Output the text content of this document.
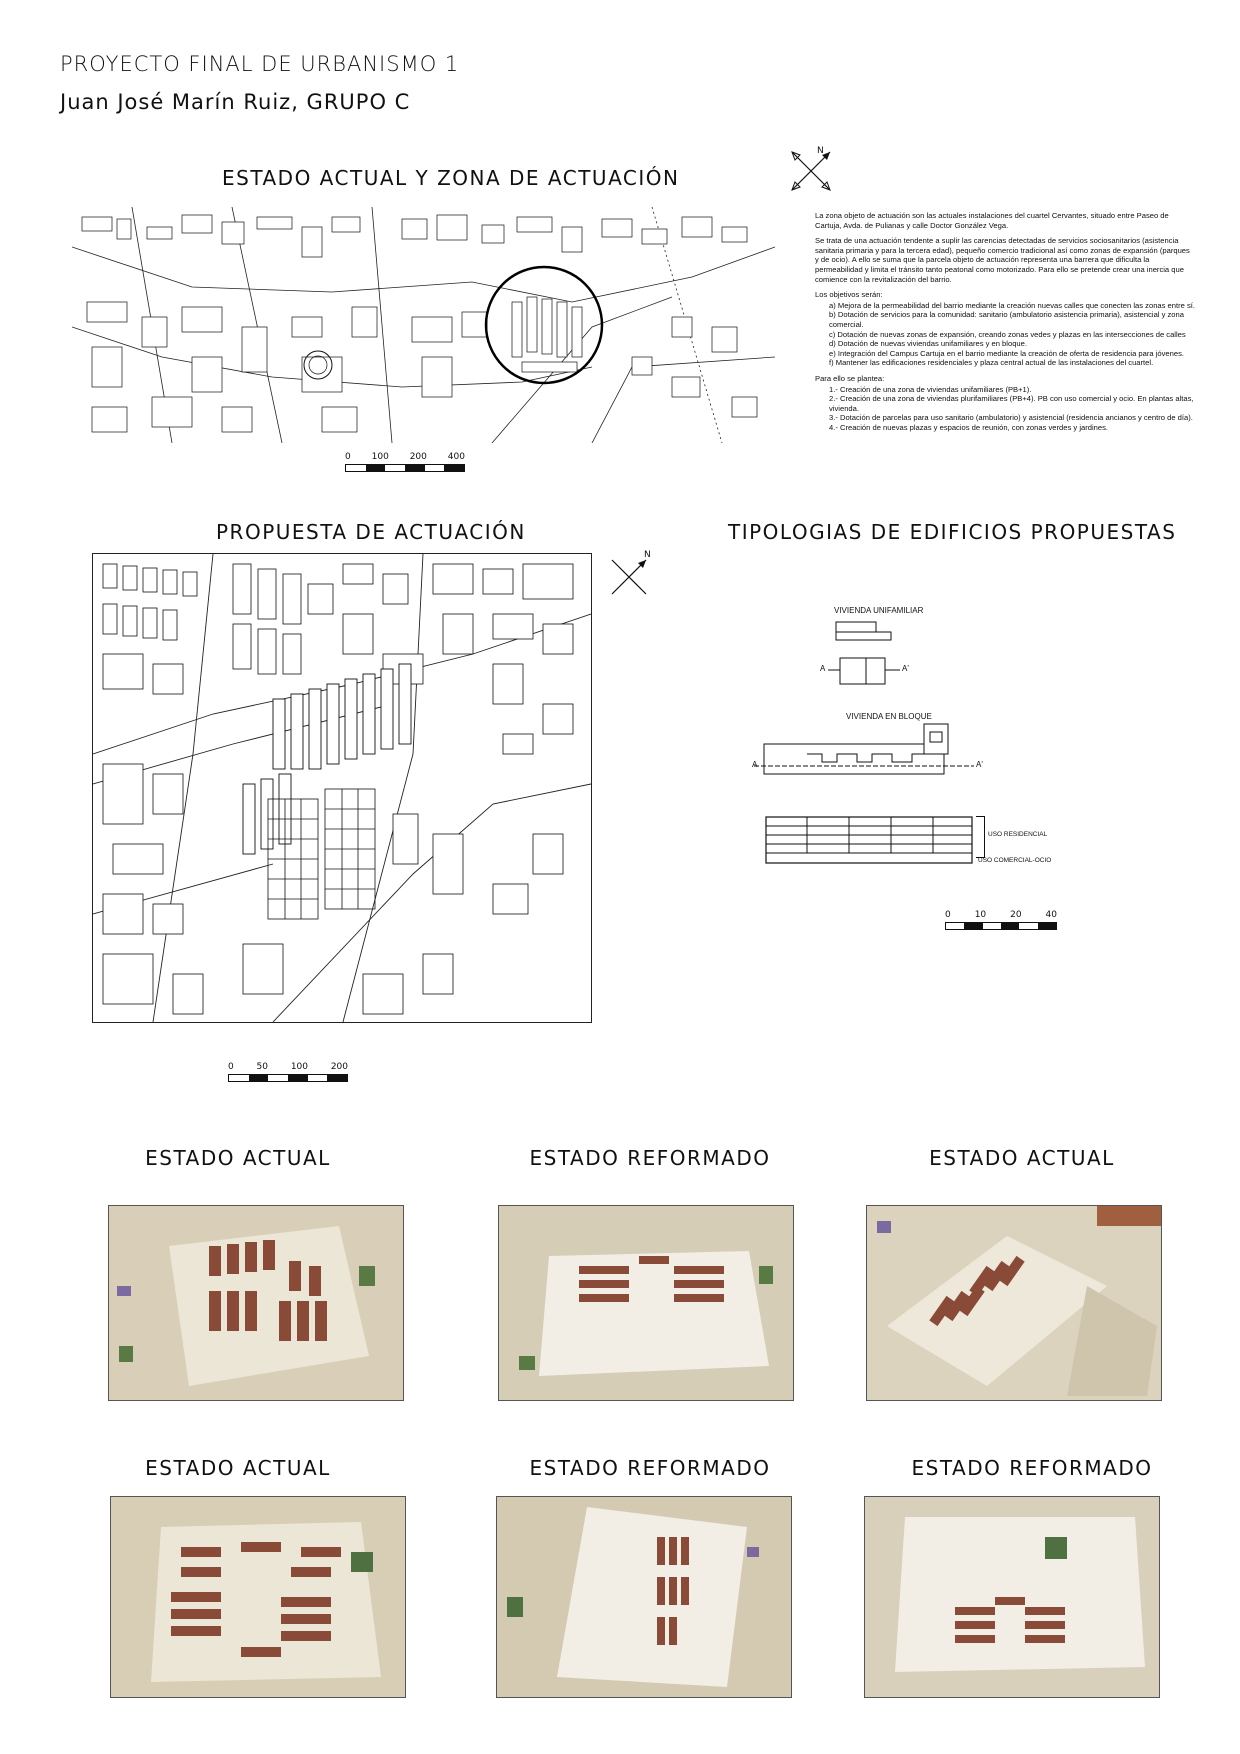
PROYECTO FINAL DE URBANISMO 1
Juan José Marín Ruiz, GRUPO C
ESTADO ACTUAL Y ZONA DE ACTUACIÓN
N
0 100 200 400

La zona objeto de actuación son las actuales instalaciones del cuartel Cervantes, situado entre Paseo de Cartuja, Avda. de Pulianas y calle Doctor González Vega.

Se trata de una actuación tendente a suplir las carencias detectadas de servicios sociosanitarios (asistencia sanitaria primaria y para la tercera edad), pequeño comercio tradicional así como zonas de expansión (parques y de ocio). A ello se suma que la parcela objeto de actuación representa una barrera que dificulta la permeabilidad y limita el tránsito tanto peatonal como motorizado. Para ello se pretende crear una inercia que comience con la revitalización del barrio.

Los objetivos serán:

a) Mejora de la permeabilidad del barrio mediante la creación nuevas calles que conecten las zonas entre sí.
b) Dotación de servicios para la comunidad: sanitario (ambulatorio asistencia primaria), asistencial y zona comercial.
c) Dotación de nuevas zonas de expansión, creando zonas vedes y plazas en las intersecciones de calles
d) Dotación de nuevas viviendas unifamiliares y en bloque.
e) Integración del Campus Cartuja en el barrio mediante la creación de oferta de residencia para jóvenes.
f) Mantener las edificaciones residenciales y plaza central actual de las instalaciones del cuartel.

Para ello se plantea:

1.- Creación de una zona de viviendas unifamiliares (PB+1).
2.- Creación de una zona de viviendas plurifamiliares (PB+4). PB con uso comercial y ocio. En plantas altas, vivienda.
3.- Dotación de parcelas para uso sanitario (ambulatorio) y asistencial (residencia ancianos y centro de día).
4.- Creación de nuevas plazas y espacios de reunión, con zonas verdes y jardines.
PROPUESTA DE ACTUACIÓN
N
0	50	100	200
TIPOLOGIAS DE EDIFICIOS PROPUESTAS
VIVIENDA UNIFAMILIAR
A	A'
VIVIENDA EN BLOQUE
A	A'
USO RESIDENCIAL
USO COMERCIAL-OCIO
0	10	20	40
ESTADO ACTUAL	ESTADO REFORMADO	ESTADO ACTUAL
ESTADO ACTUAL	ESTADO REFORMADO	ESTADO REFORMADO
